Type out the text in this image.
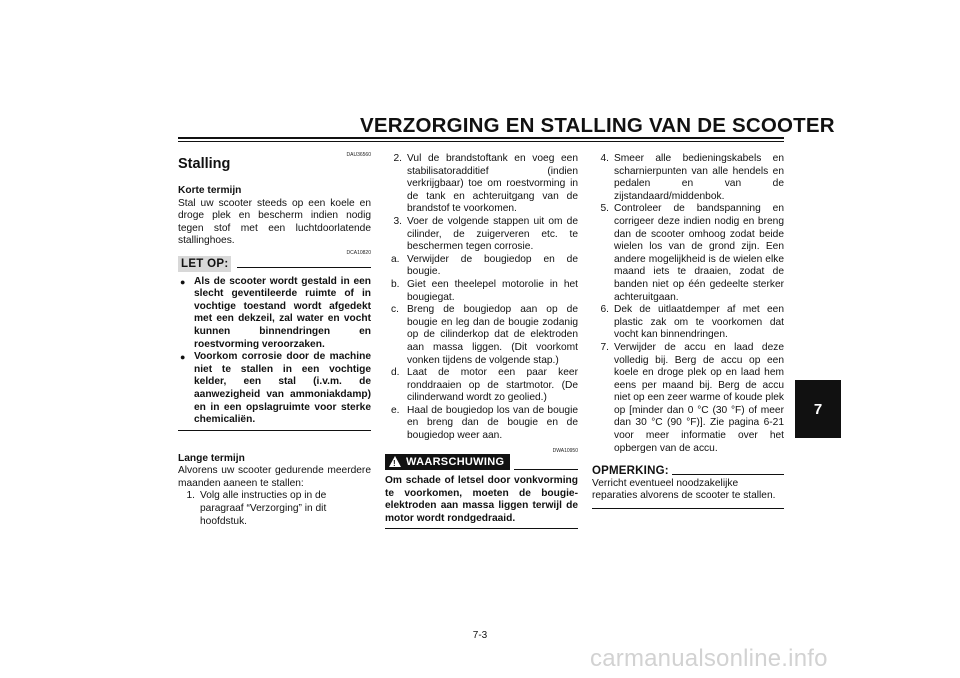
VERZORGING EN STALLING VAN DE SCOOTER
7
DAU36560
Stalling
Korte termijn
Stal uw scooter steeds op een koele en droge plek en bescherm indien nodig tegen stof met een luchtdoorlatende stallinghoes.
DCA10820
LET OP:
● Als de scooter wordt gestald in een slecht geventileerde ruimte of in vochtige toestand wordt afgedekt met een dekzeil, zal water en vocht kunnen binnendringen en roestvorming veroorzaken.
● Voorkom corrosie door de machine niet te stallen in een vochtige kelder, een stal (i.v.m. de aanwezigheid van ammoniakdamp) en in een opslagruimte voor sterke chemicaliën.
Lange termijn
Alvorens uw scooter gedurende meerdere maanden aaneen te stallen:
1. Volg alle instructies op in de paragraaf “Verzorging” in dit hoofdstuk.
2. Vul de brandstoftank en voeg een stabilisatoradditief (indien verkrijgbaar) toe om roestvorming in de tank en achteruitgang van de brandstof te voorkomen.
3. Voer de volgende stappen uit om de cilinder, de zuigerveren etc. te beschermen tegen corrosie.
a. Verwijder de bougiedop en de bougie.
b. Giet een theelepel motorolie in het bougiegat.
c. Breng de bougiedop aan op de bougie en leg dan de bougie zodanig op de cilinderkop dat de elektroden aan massa liggen. (Dit voorkomt vonken tijdens de volgende stap.)
d. Laat de motor een paar keer ronddraaien op de startmotor. (De cilinderwand wordt zo geolied.)
e. Haal de bougiedop los van de bougie en breng dan de bougie en de bougiedop weer aan.
DWA10950
! WAARSCHUWING
Om schade of letsel door vonkvorming te voorkomen, moeten de bougie-elektroden aan massa liggen terwijl de motor wordt rondgedraaid.
4. Smeer alle bedieningskabels en scharnierpunten van alle hendels en pedalen en van de zijstandaard/middenbok.
5. Controleer de bandspanning en corrigeer deze indien nodig en breng dan de scooter omhoog zodat beide wielen los van de grond zijn. Een andere mogelijkheid is de wielen elke maand iets te draaien, zodat de banden niet op één gedeelte sterker achteruitgaan.
6. Dek de uitlaatdemper af met een plastic zak om te voorkomen dat vocht kan binnendringen.
7. Verwijder de accu en laad deze volledig bij. Berg de accu op een koele en droge plek op en laad hem eens per maand bij. Berg de accu niet op een zeer warme of koude plek op [minder dan 0 °C (30 °F) of meer dan 30 °C (90 °F)]. Zie pagina 6-21 voor meer informatie over het opbergen van de accu.
OPMERKING:
Verricht eventueel noodzakelijke reparaties alvorens de scooter te stallen.
7-3
carmanualsonline.info
